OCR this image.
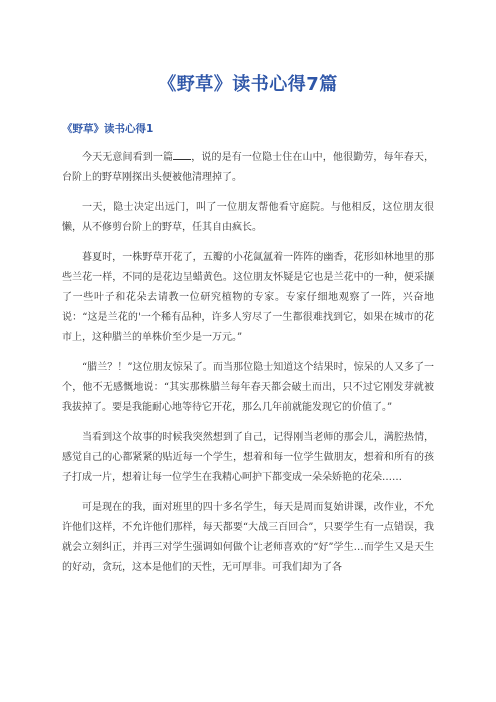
《野草》读书心得7篇
《野草》读书心得1

今天无意间看到一篇 ，说的是有一位隐士住在山中，他很勤劳，每年春天，台阶上的野草刚探出头便被他清理掉了。

一天，隐士决定出远门，叫了一位朋友帮他看守庭院。与他相反，这位朋友很懒，从不修剪台阶上的野草，任其自由疯长。

暮夏时，一株野草开花了，五瓣的小花氤氲着一阵阵的幽香，花形如林地里的那些兰花一样，不同的是花边呈蜡黄色。这位朋友怀疑是它也是兰花中的一种，便采撷了一些叶子和花朵去请教一位研究植物的专家。专家仔细地观察了一阵，兴奋地说：“这是兰花的'一个稀有品种，许多人穷尽了一生都很难找到它，如果在城市的花市上，这种腊兰的单株价至少是一万元。”

“腊兰？！”这位朋友惊呆了。而当那位隐士知道这个结果时，惊呆的人又多了一个，他不无感慨地说：“其实那株腊兰每年春天都会破土而出，只不过它刚发芽就被我拔掉了。要是我能耐心地等待它开花，那么几年前就能发现它的价值了。”

当看到这个故事的时候我突然想到了自己，记得刚当老师的那会儿，满腔热情，感觉自己的心都紧紧的贴近每一个学生，想着和每一位学生做朋友，想着和所有的孩子打成一片，想着让每一位学生在我精心呵护下都变成一朵朵娇艳的花朵……

可是现在的我，面对班里的四十多名学生，每天是周而复始讲课，改作业，不允许他们这样，不允许他们那样，每天都要“大战三百回合”，只要学生有一点错误，我就会立刻纠正，并再三对学生强调如何做个让老师喜欢的“好”学生…而学生又是天生的好动，贪玩，这本是他们的天性，无可厚非。可我们却为了各
